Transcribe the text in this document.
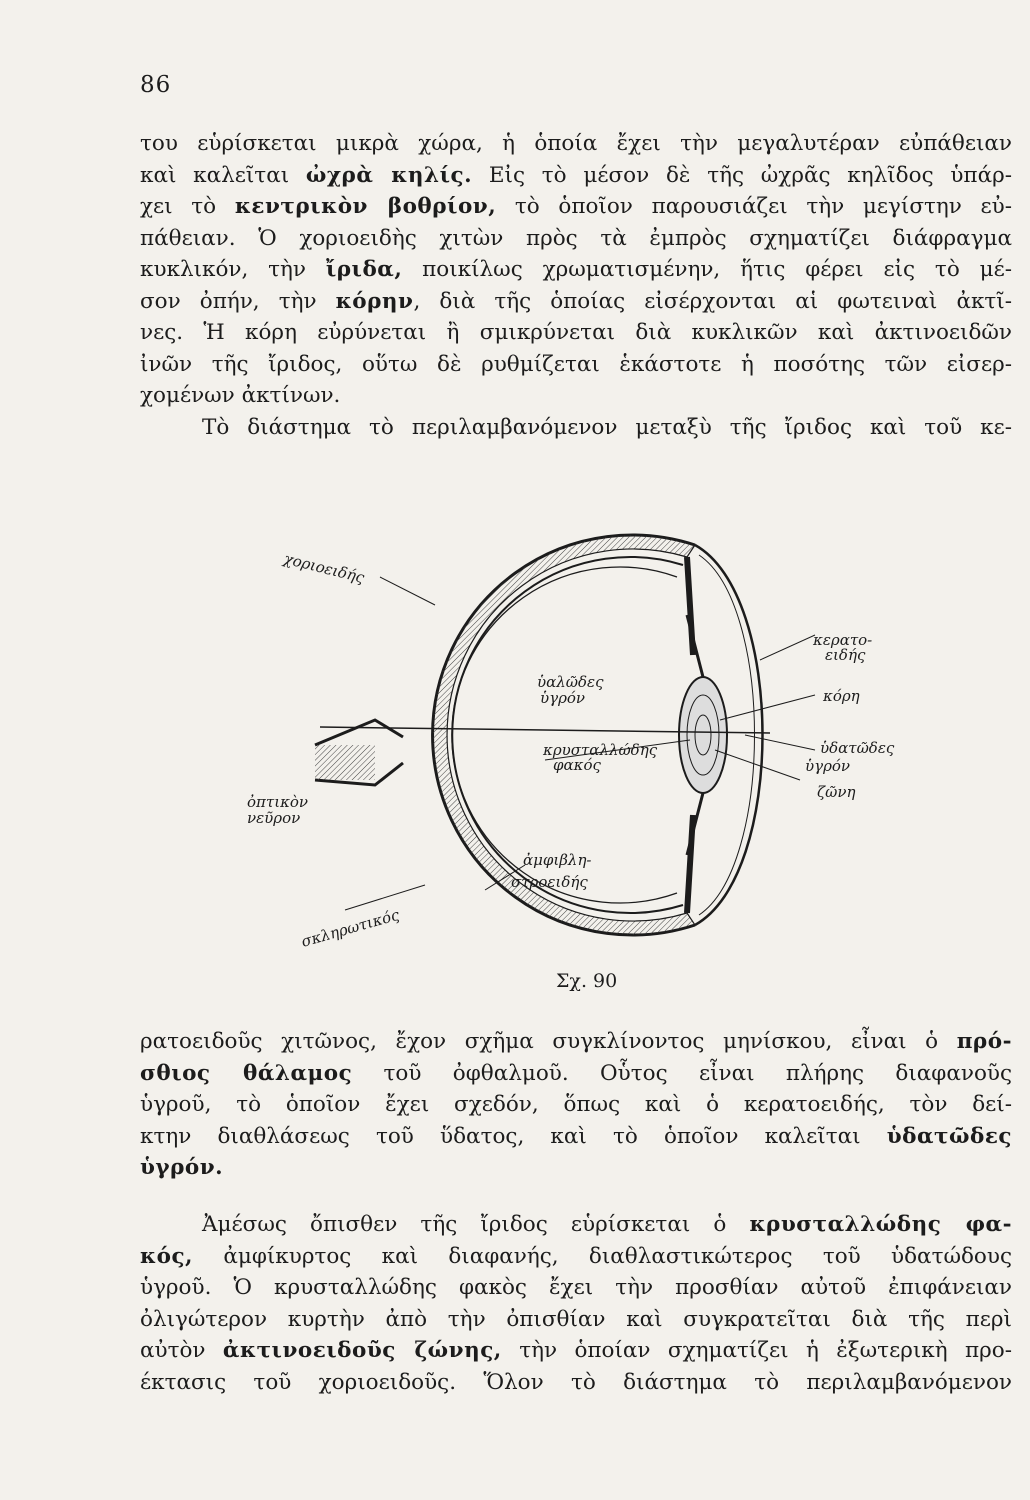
86
του εὑρίσκεται μικρὰ χώρα, ἡ ὁποία ἔχει τὴν μεγαλυτέραν εὐπάθειαν
καὶ καλεῖται ὠχρὰ κηλίς. Εἰς τὸ μέσον δὲ τῆς ὠχρᾶς κηλῖδος ὑπάρ-
χει τὸ κεντρικὸν βοθρίον, τὸ ὁποῖον παρουσιάζει τὴν μεγίστην εὐ-
πάθειαν. Ὁ χοριοειδὴς χιτὼν πρὸς τὰ ἐμπρὸς σχηματίζει διάφραγμα
κυκλικόν, τὴν ἴριδα, ποικίλως χρωματισμένην, ἥτις φέρει εἰς τὸ μέ-
σον ὀπήν, τὴν κόρην, διὰ τῆς ὁποίας εἰσέρχονται αἱ φωτειναὶ ἀκτῖ-
νες. Ἡ κόρη εὐρύνεται ἢ σμικρύνεται διὰ κυκλικῶν καὶ ἀκτινοειδῶν
ἰνῶν τῆς ἴριδος, οὕτω δὲ ρυθμίζεται ἑκάστοτε ἡ ποσότης τῶν εἰσερ-
χομένων ἀκτίνων.
Τὸ διάστημα τὸ περιλαμβανόμενον μεταξὺ τῆς ἴριδος καὶ τοῦ κε-
χοριοειδής
κερατο-
ειδής
ὑαλῶδες
ὑγρόν	κόρη
κρυσταλλώδης
φακός
ὑδατῶδες
ὑγρόν
ζῶνη
ὀπτικὸν
νεῦρον
ἀμφιβλη-
στροειδής
σκληρωτικός
Σχ. 90
ρατοειδοῦς χιτῶνος, ἔχον σχῆμα συγκλίνοντος μηνίσκου, εἶναι ὁ πρό-
σθιος θάλαμος τοῦ ὀφθαλμοῦ. Οὗτος εἶναι πλήρης διαφανοῦς
ὑγροῦ, τὸ ὁποῖον ἔχει σχεδόν, ὅπως καὶ ὁ κερατοειδής, τὸν δεί-
κτην διαθλάσεως τοῦ ὕδατος, καὶ τὸ ὁποῖον καλεῖται ὑδατῶδες
ὑγρόν.
Ἀμέσως ὄπισθεν τῆς ἴριδος εὑρίσκεται ὁ κρυσταλλώδης φα-
κός, ἀμφίκυρτος καὶ διαφανής, διαθλαστικώτερος τοῦ ὑδατώδους
ὑγροῦ. Ὁ κρυσταλλώδης φακὸς ἔχει τὴν προσθίαν αὐτοῦ ἐπιφάνειαν
ὀλιγώτερον κυρτὴν ἀπὸ τὴν ὀπισθίαν καὶ συγκρατεῖται διὰ τῆς περὶ
αὐτὸν ἀκτινοειδοῦς ζώνης, τὴν ὁποίαν σχηματίζει ἡ ἐξωτερικὴ προ-
έκτασις τοῦ χοριοειδοῦς. Ὅλον τὸ διάστημα τὸ περιλαμβανόμενον
